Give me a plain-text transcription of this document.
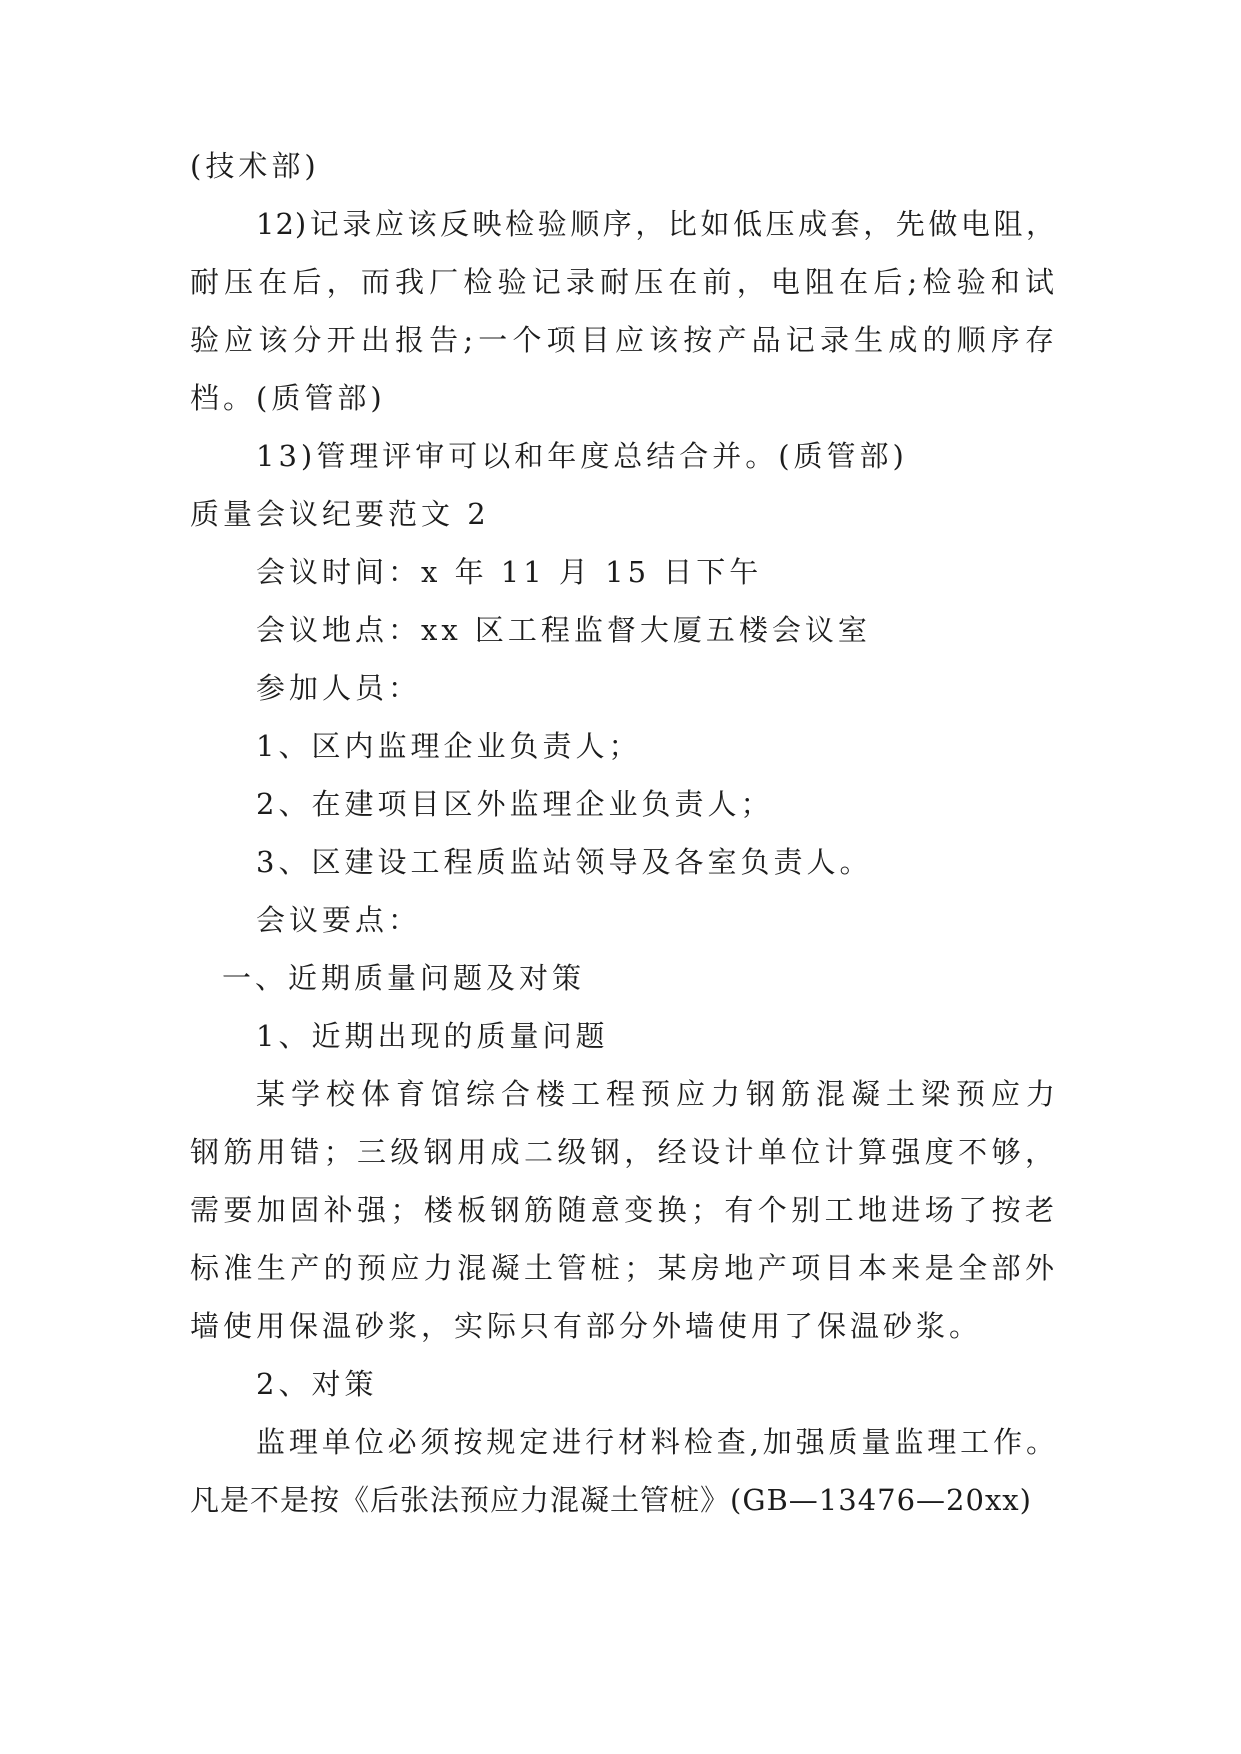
(技术部)
12)记录应该反映检验顺序，比如低压成套，先做电阻，
耐压在后，而我厂检验记录耐压在前，电阻在后;检验和试
验应该分开出报告;一个项目应该按产品记录生成的顺序存
档。(质管部)
13)管理评审可以和年度总结合并。(质管部)
质量会议纪要范文 2
会议时间：x 年 11 月 15 日下午
会议地点：xx 区工程监督大厦五楼会议室
参加人员：
1、区内监理企业负责人；
2、在建项目区外监理企业负责人；
3、区建设工程质监站领导及各室负责人。
会议要点：
一、近期质量问题及对策
1、近期出现的质量问题
某学校体育馆综合楼工程预应力钢筋混凝土梁预应力
钢筋用错；三级钢用成二级钢，经设计单位计算强度不够，
需要加固补强；楼板钢筋随意变换；有个别工地进场了按老
标准生产的预应力混凝土管桩；某房地产项目本来是全部外
墙使用保温砂浆，实际只有部分外墙使用了保温砂浆。
2、对策
监理单位必须按规定进行材料检查,加强质量监理工作。
凡是不是按《后张法预应力混凝土管桩》(GB—13476—20xx)
